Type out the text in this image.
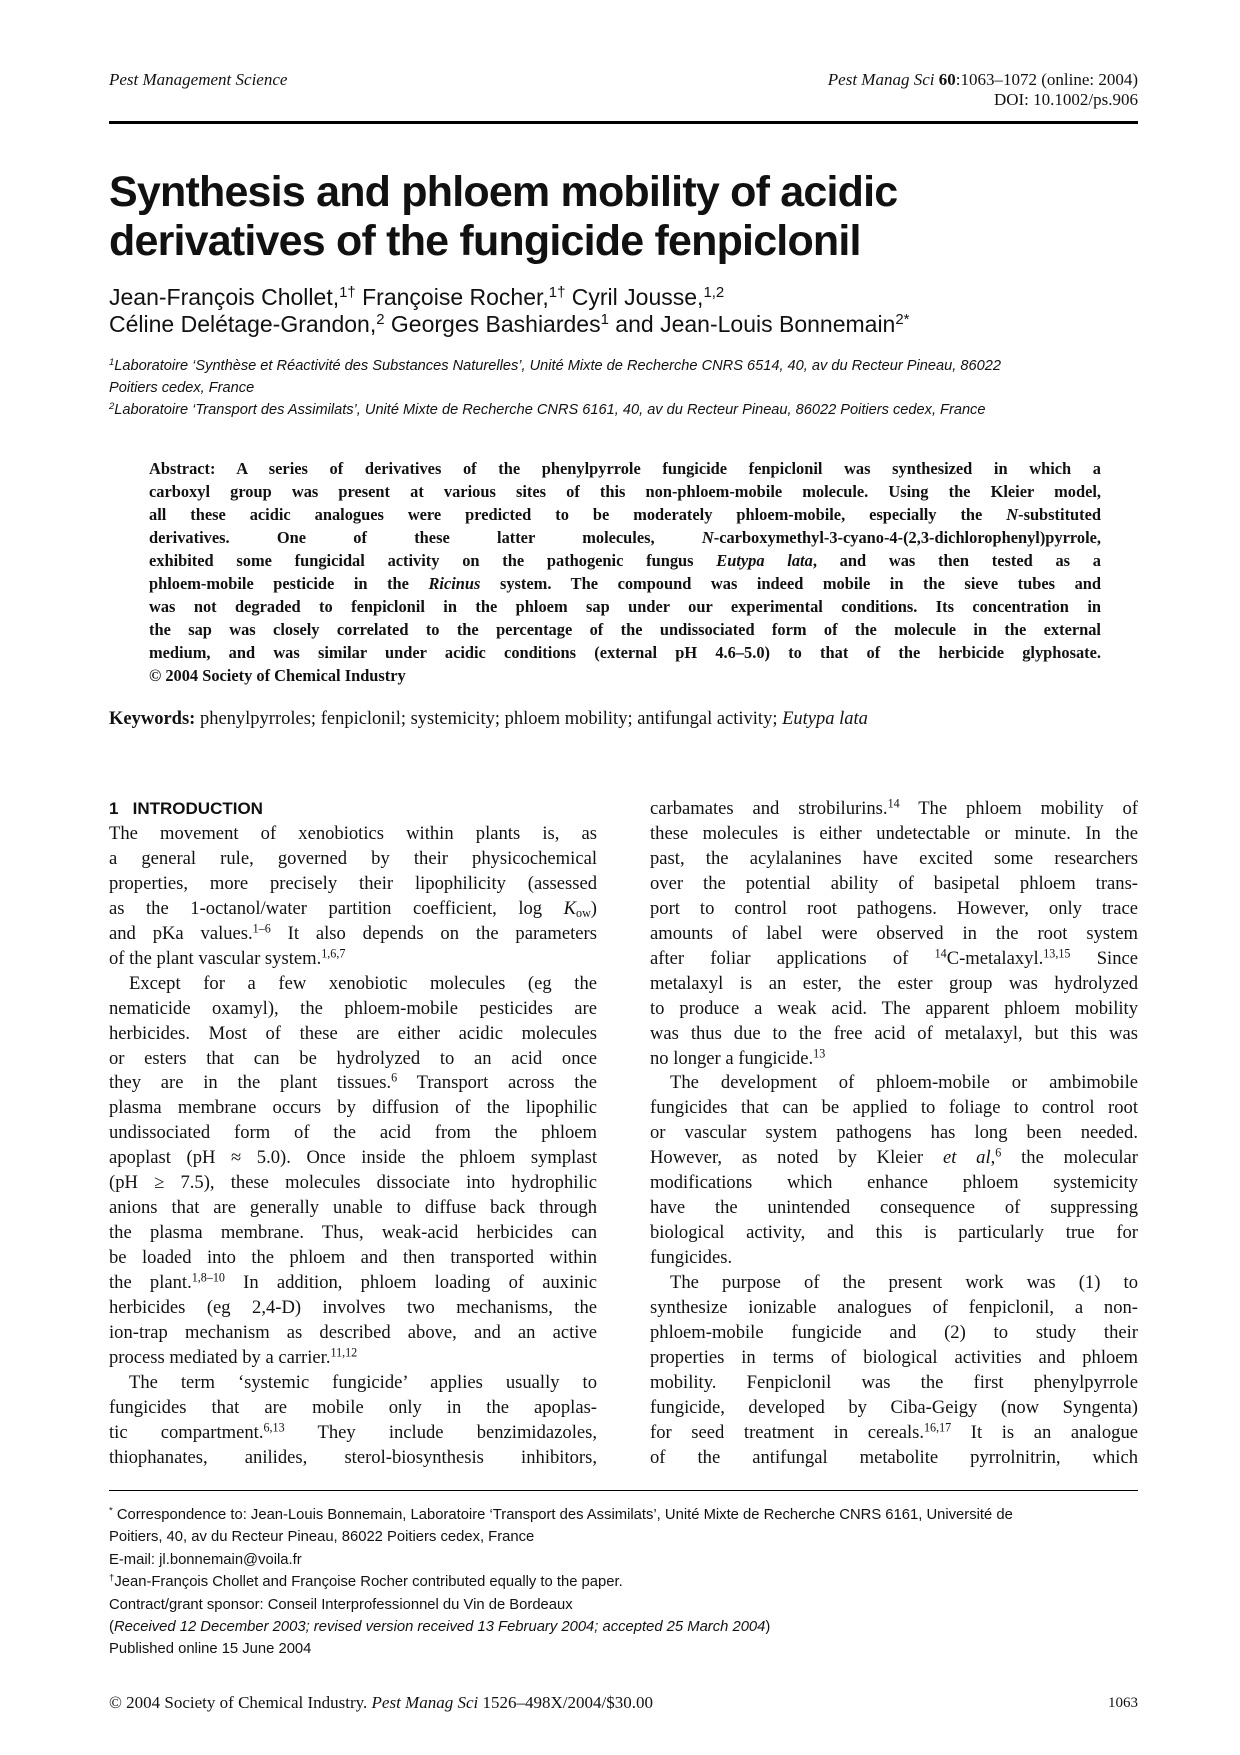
Pest Management Science	Pest Manag Sci 60:1063–1072 (online: 2004)
DOI: 10.1002/ps.906
Synthesis and phloem mobility of acidic
derivatives of the fungicide fenpiclonil
Jean-François Chollet,$^{1\dagger}$ Françoise Rocher,$^{1\dagger}$ Cyril Jousse,$^{1,2}$
Céline Delétage-Grandon,$^2$ Georges Bashiardes$^1$ and Jean-Louis Bonnemain$^{2*}$
$^1$Laboratoire ‘Synthèse et Réactivité des Substances Naturelles’, Unité Mixte de Recherche CNRS 6514, 40, av du Recteur Pineau, 86022
Poitiers cedex, France
$^2$Laboratoire ‘Transport des Assimilats’, Unité Mixte de Recherche CNRS 6161, 40, av du Recteur Pineau, 86022 Poitiers cedex, France
Abstract: A series of derivatives of the phenylpyrrole fungicide fenpiclonil was synthesized in which a
carboxyl group was present at various sites of this non-phloem-mobile molecule. Using the Kleier model,
all these acidic analogues were predicted to be moderately phloem-mobile, especially the N-substituted
derivatives. One of these latter molecules, N-carboxymethyl-3-cyano-4-(2,3-dichlorophenyl)pyrrole,
exhibited some fungicidal activity on the pathogenic fungus Eutypa lata, and was then tested as a
phloem-mobile pesticide in the Ricinus system. The compound was indeed mobile in the sieve tubes and
was not degraded to fenpiclonil in the phloem sap under our experimental conditions. Its concentration in
the sap was closely correlated to the percentage of the undissociated form of the molecule in the external
medium, and was similar under acidic conditions (external pH 4.6–5.0) to that of the herbicide glyphosate.
© 2004 Society of Chemical Industry
Keywords: phenylpyrroles; fenpiclonil; systemicity; phloem mobility; antifungal activity; Eutypa lata
1 INTRODUCTION
The movement of xenobiotics within plants is, as
a general rule, governed by their physicochemical
properties, more precisely their lipophilicity (assessed
as the 1-octanol/water partition coefficient, $\log K_{ow}$)
and pKa values.$^{1-6}$ It also depends on the parameters
of the plant vascular system.$^{1,6,7}$
Except for a few xenobiotic molecules (eg the
nematicide oxamyl), the phloem-mobile pesticides are
herbicides. Most of these are either acidic molecules
or esters that can be hydrolyzed to an acid once
they are in the plant tissues.$^6$ Transport across the
plasma membrane occurs by diffusion of the lipophilic
undissociated form of the acid from the phloem
apoplast (pH ≈ 5.0). Once inside the phloem symplast
(pH ≥ 7.5), these molecules dissociate into hydrophilic
anions that are generally unable to diffuse back through
the plasma membrane. Thus, weak-acid herbicides can
be loaded into the phloem and then transported within
the plant.$^{1,8-10}$ In addition, phloem loading of auxinic
herbicides (eg 2,4-D) involves two mechanisms, the
ion-trap mechanism as described above, and an active
process mediated by a carrier.$^{11,12}$
The term ‘systemic fungicide’ applies usually to
fungicides that are mobile only in the apoplas-
tic compartment.$^{6,13}$ They include benzimidazoles,
thiophanates, anilides, sterol-biosynthesis inhibitors,
carbamates and strobilurins.$^{14}$ The phloem mobility of
these molecules is either undetectable or minute. In the
past, the acylalanines have excited some researchers
over the potential ability of basipetal phloem trans-
port to control root pathogens. However, only trace
amounts of label were observed in the root system
after foliar applications of $^{14}$C-metalaxyl.$^{13,15}$ Since
metalaxyl is an ester, the ester group was hydrolyzed
to produce a weak acid. The apparent phloem mobility
was thus due to the free acid of metalaxyl, but this was
no longer a fungicide.$^{13}$
The development of phloem-mobile or ambimobile
fungicides that can be applied to foliage to control root
or vascular system pathogens has long been needed.
However, as noted by Kleier et al,$^6$ the molecular
modifications which enhance phloem systemicity
have the unintended consequence of suppressing
biological activity, and this is particularly true for
fungicides.
The purpose of the present work was (1) to
synthesize ionizable analogues of fenpiclonil, a non-
phloem-mobile fungicide and (2) to study their
properties in terms of biological activities and phloem
mobility. Fenpiclonil was the first phenylpyrrole
fungicide, developed by Ciba-Geigy (now Syngenta)
for seed treatment in cereals.$^{16,17}$ It is an analogue
of the antifungal metabolite pyrrolnitrin, which
* Correspondence to: Jean-Louis Bonnemain, Laboratoire ‘Transport des Assimilats’, Unité Mixte de Recherche CNRS 6161, Université de
Poitiers, 40, av du Recteur Pineau, 86022 Poitiers cedex, France
E-mail: jl.bonnemain@voila.fr
†Jean-François Chollet and Françoise Rocher contributed equally to the paper.
Contract/grant sponsor: Conseil Interprofessionnel du Vin de Bordeaux
(Received 12 December 2003; revised version received 13 February 2004; accepted 25 March 2004)
Published online 15 June 2004
© 2004 Society of Chemical Industry. Pest Manag Sci 1526–498X/2004/$30.00	1063
